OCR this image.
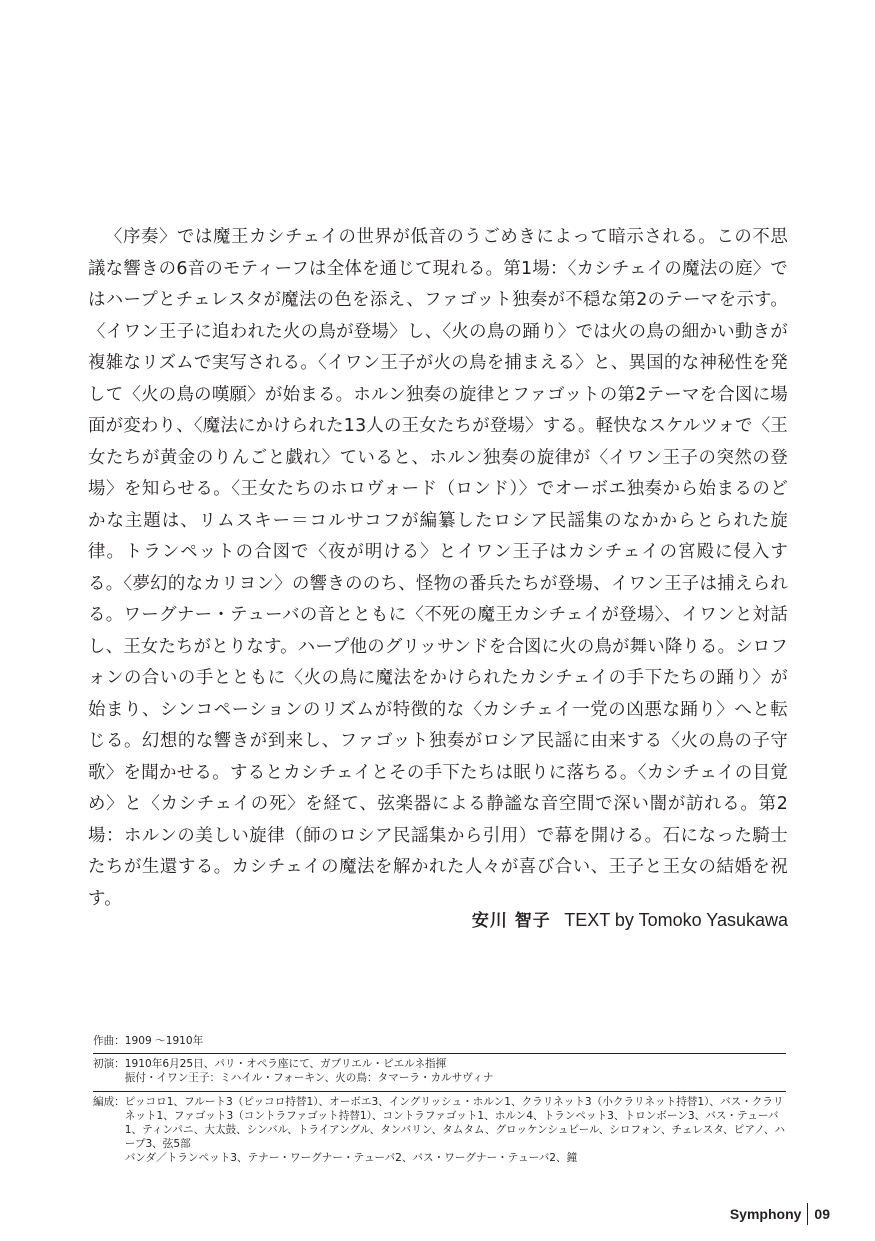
〈序奏〉では魔王カシチェイの世界が低音のうごめきによって暗示される。この不思議な響きの6音のモティーフは全体を通じて現れる。第1場：〈カシチェイの魔法の庭〉ではハープとチェレスタが魔法の色を添え、ファゴット独奏が不穏な第2のテーマを示す。〈イワン王子に追われた火の鳥が登場〉し、〈火の鳥の踊り〉では火の鳥の細かい動きが複雑なリズムで実写される。〈イワン王子が火の鳥を捕まえる〉と、異国的な神秘性を発して〈火の鳥の嘆願〉が始まる。ホルン独奏の旋律とファゴットの第2テーマを合図に場面が変わり、〈魔法にかけられた13人の王女たちが登場〉する。軽快なスケルツォで〈王女たちが黄金のりんごと戯れ〉ていると、ホルン独奏の旋律が〈イワン王子の突然の登場〉を知らせる。〈王女たちのホロヴォード（ロンド）〉でオーボエ独奏から始まるのどかな主題は、リムスキー＝コルサコフが編纂したロシア民謡集のなかからとられた旋律。トランペットの合図で〈夜が明ける〉とイワン王子はカシチェイの宮殿に侵入する。〈夢幻的なカリヨン〉の響きののち、怪物の番兵たちが登場、イワン王子は捕えられる。ワーグナー・テューバの音とともに〈不死の魔王カシチェイが登場〉、イワンと対話し、王女たちがとりなす。ハープ他のグリッサンドを合図に火の鳥が舞い降りる。シロフォンの合いの手とともに〈火の鳥に魔法をかけられたカシチェイの手下たちの踊り〉が始まり、シンコペーションのリズムが特徴的な〈カシチェイ一党の凶悪な踊り〉へと転じる。幻想的な響きが到来し、ファゴット独奏がロシア民謡に由来する〈火の鳥の子守歌〉を聞かせる。するとカシチェイとその手下たちは眠りに落ちる。〈カシチェイの目覚め〉と〈カシチェイの死〉を経て、弦楽器による静謐な音空間で深い闇が訪れる。第2場：ホルンの美しい旋律（師のロシア民謡集から引用）で幕を開ける。石になった騎士たちが生還する。カシチェイの魔法を解かれた人々が喜び合い、王子と王女の結婚を祝す。

安川 智子 TEXT by Tomoko Yasukawa
作曲： 1909 〜1910年
初演： 1910年6月25日、パリ・オペラ座にて、ガブリエル・ピエルネ指揮
振付・イワン王子：ミハイル・フォーキン、火の鳥：タマーラ・カルサヴィナ
編成： ピッコロ1、フルート3（ピッコロ持替1）、オーボエ3、イングリッシュ・ホルン1、クラリネット3（小クラリネット持替1）、バス・クラリネット1、ファゴット3（コントラファゴット持替1）、コントラファゴット1、ホルン4、トランペット3、トロンボーン3、バス・テューバ1、ティンパニ、大太鼓、シンバル、トライアングル、タンバリン、タムタム、グロッケンシュピール、シロフォン、チェレスタ、ピアノ、ハープ3、弦5部
バンダ／トランペット3、テナー・ワーグナー・テューバ2、バス・ワーグナー・テューバ2、鐘
Symphony 09
